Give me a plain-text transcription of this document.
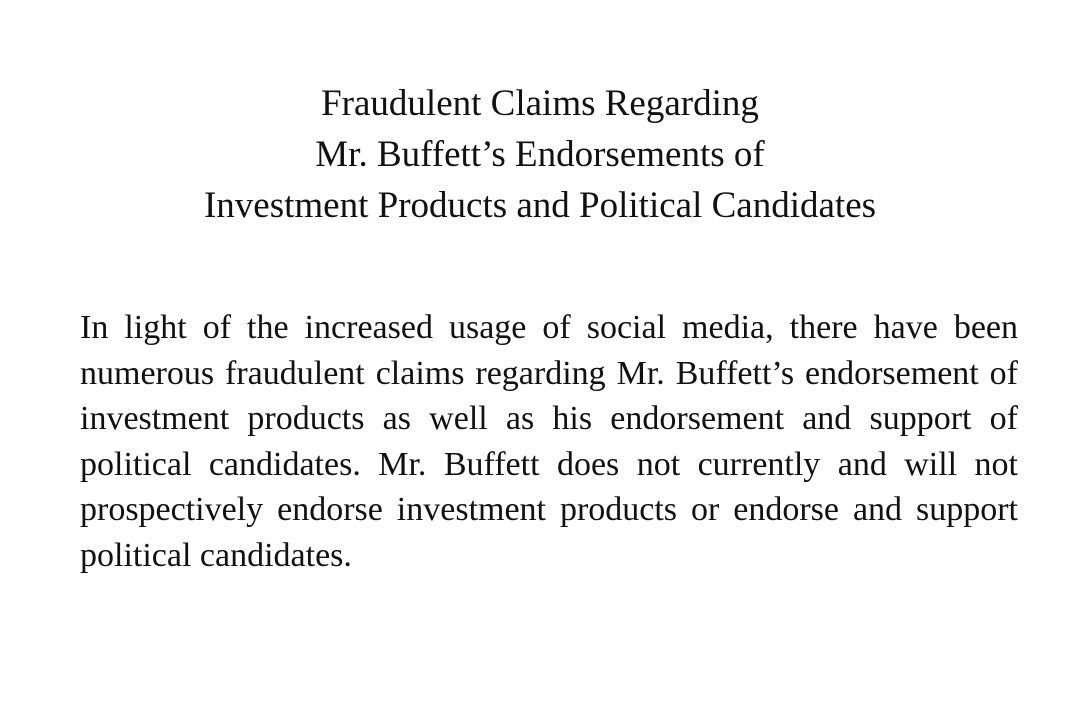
Fraudulent Claims Regarding
Mr. Buffett’s Endorsements of
Investment Products and Political Candidates

In light of the increased usage of social media, there have been numerous fraudulent claims regarding Mr. Buffett’s endorsement of investment products as well as his endorsement and support of political candidates. Mr. Buffett does not currently and will not prospectively endorse investment products or endorse and support political candidates.
